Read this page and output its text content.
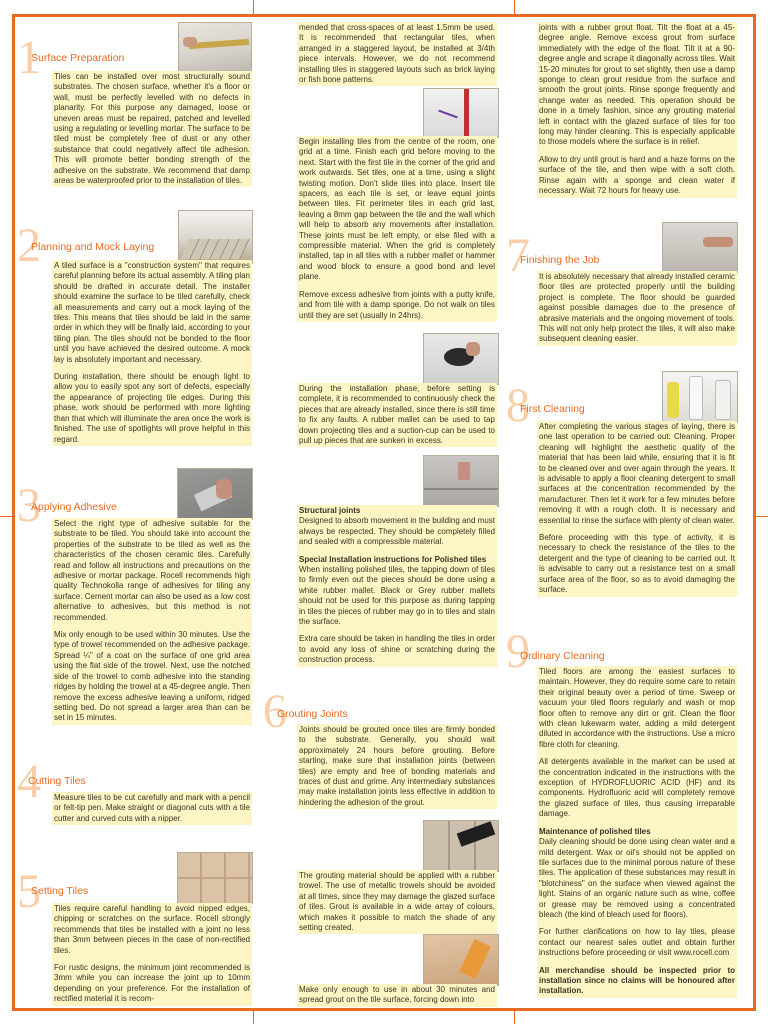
1
Surface Preparation

Tiles can be installed over most structurally sound substrates. The chosen surface, whether it's a floor or wall, must be perfectly levelled with no defects in planarity. For this purpose any damaged, loose or uneven areas must be repaired, patched and levelled using a regulating or levelling mortar. The surface to be tiled must be completely free of dust or any other substance that could negatively affect tile adhesion. This will promote better bonding strength of the adhesive on the substrate. We recommend that damp areas be waterproofed prior to the installation of tiles.

2
Planning and Mock Laying

A tiled surface is a "construction system" that requires careful planning before its actual assembly. A tiling plan should be drafted in accurate detail. The installer should examine the surface to be tiled carefully, check all measurements and carry out a mock laying of the tiles. This means that tiles should be laid in the same order in which they will be finally laid, according to your tiling plan. The tiles should not be bonded to the floor until you have achieved the desired outcome. A mock lay is absolutely important and necessary.

During installation, there should be enough light to allow you to easily spot any sort of defects, especially the appearance of projecting tile edges. During this phase, work should be performed with more lighting than that which will illuminate the area once the work is finished. The use of spotlights will prove helpful in this regard.

3
Applying Adhesive

Select the right type of adhesive suitable for the substrate to be tiled. You should take into account the properties of the substrate to be tiled as well as the characteristics of the chosen ceramic tiles. Carefully read and follow all instructions and precautions on the adhesive or mortar package. Rocell recommends high quality Technokolla range of adhesives for tiling any surface. Cement mortar can also be used as a low cost alternative to adhesives, but this method is not recommended.

Mix only enough to be used within 30 minutes. Use the type of trowel recommended on the adhesive package. Spread ¼" of a coat on the surface of one grid area using the flat side of the trowel. Next, use the notched side of the trowel to comb adhesive into the standing ridges by holding the trowel at a 45-degree angle. Then remove the excess adhesive leaving a uniform, ridged setting bed. Do not spread a larger area than can be set in 15 minutes.

4
Cutting Tiles

Measure tiles to be cut carefully and mark with a pencil or felt-tip pen. Make straight or diagonal cuts with a tile cutter and curved cuts with a nipper.

5
Setting Tiles

Tiles require careful handling to avoid nipped edges, chipping or scratches on the surface. Rocell strongly recommends that tiles be installed with a joint no less than 3mm between pieces in the case of non-rectified tiles.

For rustic designs, the minimum joint recommended is 3mm while you can increase the joint up to 10mm depending on your preference. For the installation of rectified material it is recom-

mended that cross-spaces of at least 1.5mm be used. It is recommended that rectangular tiles, when arranged in a staggered layout, be installed at 3/4th piece intervals. However, we do not recommend installing tiles in staggered layouts such as brick laying or fish bone patterns.

Begin installing tiles from the centre of the room, one grid at a time. Finish each grid before moving to the next. Start with the first tile in the corner of the grid and work outwards. Set tiles, one at a time, using a slight twisting motion. Don't slide tiles into place. Insert tile spacers, as each tile is set, or leave equal joints between tiles. Fit perimeter tiles in each grid last, leaving a 8mm gap between the tile and the wall which will help to absorb any movements after installation. These joints must be left empty, or else filed with a compressible material. When the grid is completely installed, tap in all tiles with a rubber mallet or hammer and wood block to ensure a good bond and level plane.

Remove excess adhesive from joints with a putty knife, and from tile with a damp sponge. Do not walk on tiles until they are set (usually in 24hrs).

During the installation phase, before setting is complete, it is recommended to continuously check the pieces that are already installed, since there is still time to fix any faults. A rubber mallet can be used to tap down projecting tiles and a suction-cup can be used to pull up pieces that are sunken in excess.

Structural joints
Designed to absorb movement in the building and must always be respected. They should be completely filled and sealed with a compressible material.

Special Installation instructions for Polished tiles
When installing polished tiles, the tapping down of tiles to firmly even out the pieces should be done using a white rubber mallet. Black or Grey rubber mallets should not be used for this purpose as during tapping in tiles the pieces of rubber may go in to tiles and stain the surface.

Extra care should be taken in handling the tiles in order to avoid any loss of shine or scratching during the construction process.

6
Grouting Joints

Joints should be grouted once tiles are firmly bonded to the substrate. Generally, you should wait approximately 24 hours before grouting. Before starting, make sure that installation joints (between tiles) are empty and free of bonding materials and traces of dust and grime. Any intermediary substances may make installation joints less effective in addition to hindering the adhesion of the grout.

The grouting material should be applied with a rubber trowel. The use of metallic trowels should be avoided at all times, since they may damage the glazed surface of tiles. Grout is available in a wide array of colours, which makes it possible to match the shade of any setting created.

Make only enough to use in about 30 minutes and spread grout on the tile surface, forcing down into

joints with a rubber grout float. Tilt the float at a 45-degree angle. Remove excess grout from surface immediately with the edge of the float. Tilt it at a 90-degree angle and scrape it diagonally across tiles. Wait 15-20 minutes for grout to set slightly, then use a damp sponge to clean grout residue from the surface and smooth the grout joints. Rinse sponge frequently and change water as needed. This operation should be done in a timely fashion, since any grouting material left in contact with the glazed surface of tiles for too long may hinder cleaning. This is especially applicable to those models where the surface is in relief.

Allow to dry until grout is hard and a haze forms on the surface of the tile, and then wipe with a soft cloth. Rinse again with a sponge and clean water if necessary. Wait 72 hours for heavy use.

7
Finishing the Job

It is absolutely necessary that already installed ceramic floor tiles are protected properly until the building project is complete. The floor should be guarded against possible damages due to the presence of abrasive materials and the ongoing movement of tools. This will not only help protect the tiles, it will also make subsequent cleaning easier.

8
First Cleaning

After completing the various stages of laying, there is one last operation to be carried out: Cleaning. Proper cleaning will highlight the aesthetic quality of the material that has been laid while, ensuring that it is fit to be cleaned over and over again through the years. It is advisable to apply a floor cleaning detergent to small surfaces at the concentration recommended by the manufacturer. Then let it work for a few minutes before removing it with a rough cloth. It is necessary and essential to rinse the surface with plenty of clean water.

Before proceeding with this type of activity, it is necessary to check the resistance of the tiles to the detergent and the type of cleaning to be carried out. It is advisable to carry out a resistance test on a small surface area of the floor, so as to avoid damaging the surface.

9
Ordinary Cleaning

Tiled floors are among the easiest surfaces to maintain. However, they do require some care to retain their original beauty over a period of time. Sweep or vacuum your tiled floors regularly and wash or mop floor often to remove any dirt or grit. Clean the floor with clean lukewarm water, adding a mild detergent diluted in accordance with the instructions. Use a micro fibre cloth for cleaning.

All detergents available in the market can be used at the concentration indicated in the instructions with the exception of HYDROFLUORIC ACID (HF) and its components. Hydrofluoric acid will completely remove the glazed surface of tiles, thus causing irreparable damage.

Maintenance of polished tiles
Daily cleaning should be done using clean water and a mild detergent. Wax or oil's should not be applied on tile surfaces due to the minimal porous nature of these tiles. The application of these substances may result in "blotchiness" on the surface when viewed against the light. Stains of an organic nature such as wine, coffee or grease may be removed using a concentrated bleach (the kind of bleach used for floors).

For further clarifications on how to lay tiles, please contact our nearest sales outlet and obtain further instructions before proceeding or visit www.rocell.com

All merchandise should be inspected prior to installation since no claims will be honoured after installation.
